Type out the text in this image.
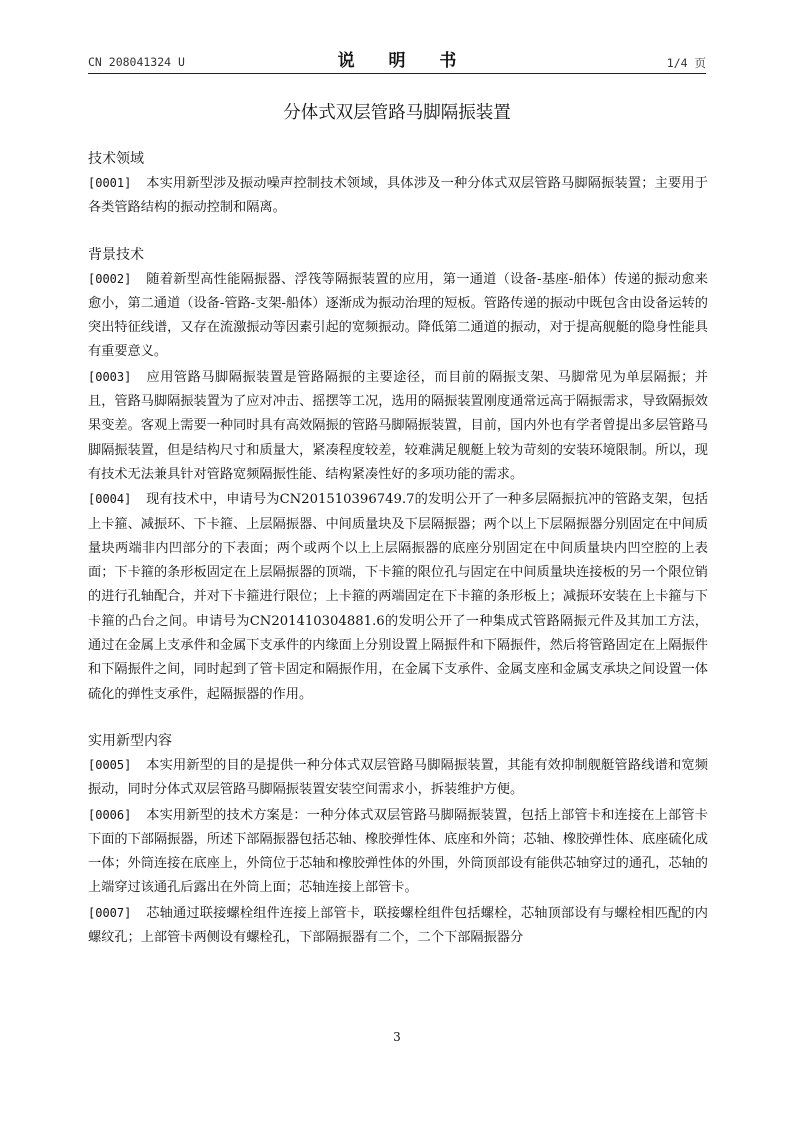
CN 208041324 U	说 明 书	1/4 页
分体式双层管路马脚隔振装置
技术领域

[0001] 本实用新型涉及振动噪声控制技术领域，具体涉及一种分体式双层管路马脚隔振装置；主要用于各类管路结构的振动控制和隔离。

背景技术

[0002] 随着新型高性能隔振器、浮筏等隔振装置的应用，第一通道（设备-基座-船体）传递的振动愈来愈小，第二通道（设备-管路-支架-船体）逐渐成为振动治理的短板。管路传递的振动中既包含由设备运转的突出特征线谱，又存在流激振动等因素引起的宽频振动。降低第二通道的振动，对于提高舰艇的隐身性能具有重要意义。

[0003] 应用管路马脚隔振装置是管路隔振的主要途径，而目前的隔振支架、马脚常见为单层隔振；并且，管路马脚隔振装置为了应对冲击、摇摆等工况，选用的隔振装置刚度通常远高于隔振需求，导致隔振效果变差。客观上需要一种同时具有高效隔振的管路马脚隔振装置，目前，国内外也有学者曾提出多层管路马脚隔振装置，但是结构尺寸和质量大，紧凑程度较差，较难满足舰艇上较为苛刻的安装环境限制。所以，现有技术无法兼具针对管路宽频隔振性能、结构紧凑性好的多项功能的需求。

[0004] 现有技术中，申请号为CN201510396749.7的发明公开了一种多层隔振抗冲的管路支架，包括上卡箍、减振环、下卡箍、上层隔振器、中间质量块及下层隔振器；两个以上下层隔振器分别固定在中间质量块两端非内凹部分的下表面；两个或两个以上上层隔振器的底座分别固定在中间质量块内凹空腔的上表面；下卡箍的条形板固定在上层隔振器的顶端，下卡箍的限位孔与固定在中间质量块连接板的另一个限位销的进行孔轴配合，并对下卡箍进行限位；上卡箍的两端固定在下卡箍的条形板上；减振环安装在上卡箍与下卡箍的凸台之间。申请号为CN201410304881.6的发明公开了一种集成式管路隔振元件及其加工方法，通过在金属上支承件和金属下支承件的内缘面上分别设置上隔振件和下隔振件，然后将管路固定在上隔振件和下隔振件之间，同时起到了管卡固定和隔振作用，在金属下支承件、金属支座和金属支承块之间设置一体硫化的弹性支承件，起隔振器的作用。

实用新型内容

[0005] 本实用新型的目的是提供一种分体式双层管路马脚隔振装置，其能有效抑制舰艇管路线谱和宽频振动，同时分体式双层管路马脚隔振装置安装空间需求小，拆装维护方便。

[0006] 本实用新型的技术方案是：一种分体式双层管路马脚隔振装置，包括上部管卡和连接在上部管卡下面的下部隔振器，所述下部隔振器包括芯轴、橡胶弹性体、底座和外筒；芯轴、橡胶弹性体、底座硫化成一体；外筒连接在底座上，外筒位于芯轴和橡胶弹性体的外围，外筒顶部设有能供芯轴穿过的通孔，芯轴的上端穿过该通孔后露出在外筒上面；芯轴连接上部管卡。

[0007] 芯轴通过联接螺栓组件连接上部管卡，联接螺栓组件包括螺栓，芯轴顶部设有与螺栓相匹配的内螺纹孔；上部管卡两侧设有螺栓孔，下部隔振器有二个，二个下部隔振器分

3
